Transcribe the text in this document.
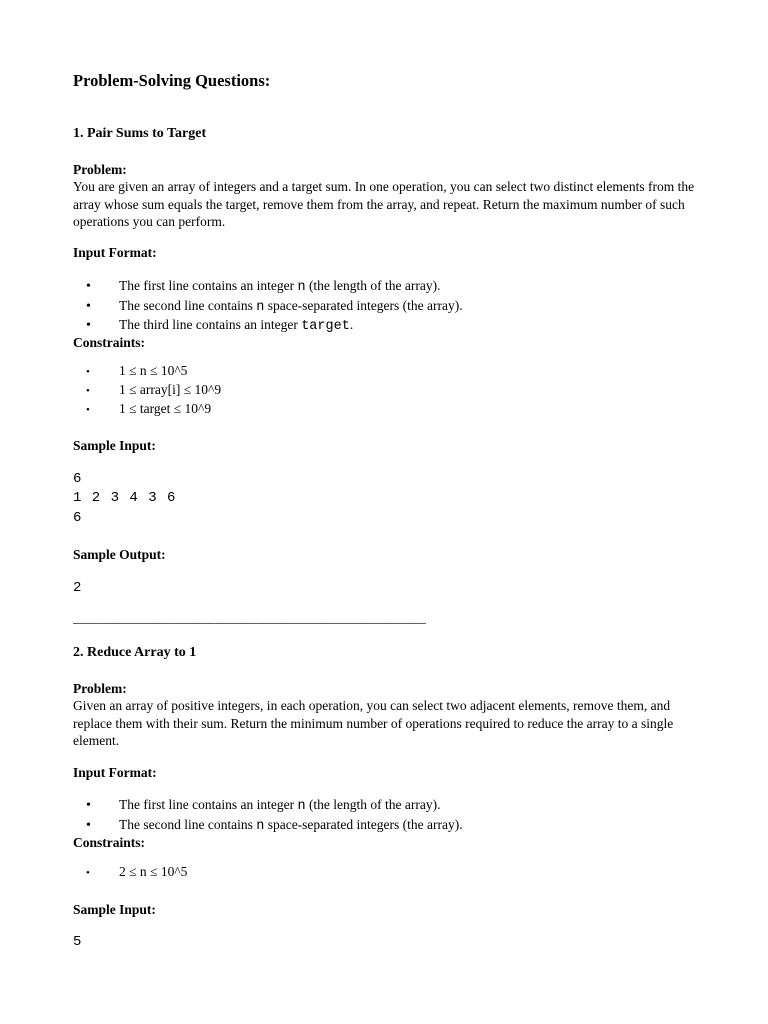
Problem-Solving Questions:
1. Pair Sums to Target
Problem:
You are given an array of integers and a target sum. In one operation, you can select two distinct elements from the array whose sum equals the target, remove them from the array, and repeat. Return the maximum number of such operations you can perform.
Input Format:
• The first line contains an integer n (the length of the array).
• The second line contains n space-separated integers (the array).
• The third line contains an integer target.
Constraints:
• 1 ≤ n ≤ 10^5
• 1 ≤ array[i] ≤ 10^9
• 1 ≤ target ≤ 10^9
Sample Input:
6
1 2 3 4 3 6
6
Sample Output:
2
__________________________________________
2. Reduce Array to 1
Problem:
Given an array of positive integers, in each operation, you can select two adjacent elements, remove them, and replace them with their sum. Return the minimum number of operations required to reduce the array to a single element.
Input Format:
• The first line contains an integer n (the length of the array).
• The second line contains n space-separated integers (the array).
Constraints:
• 2 ≤ n ≤ 10^5
Sample Input:
5
